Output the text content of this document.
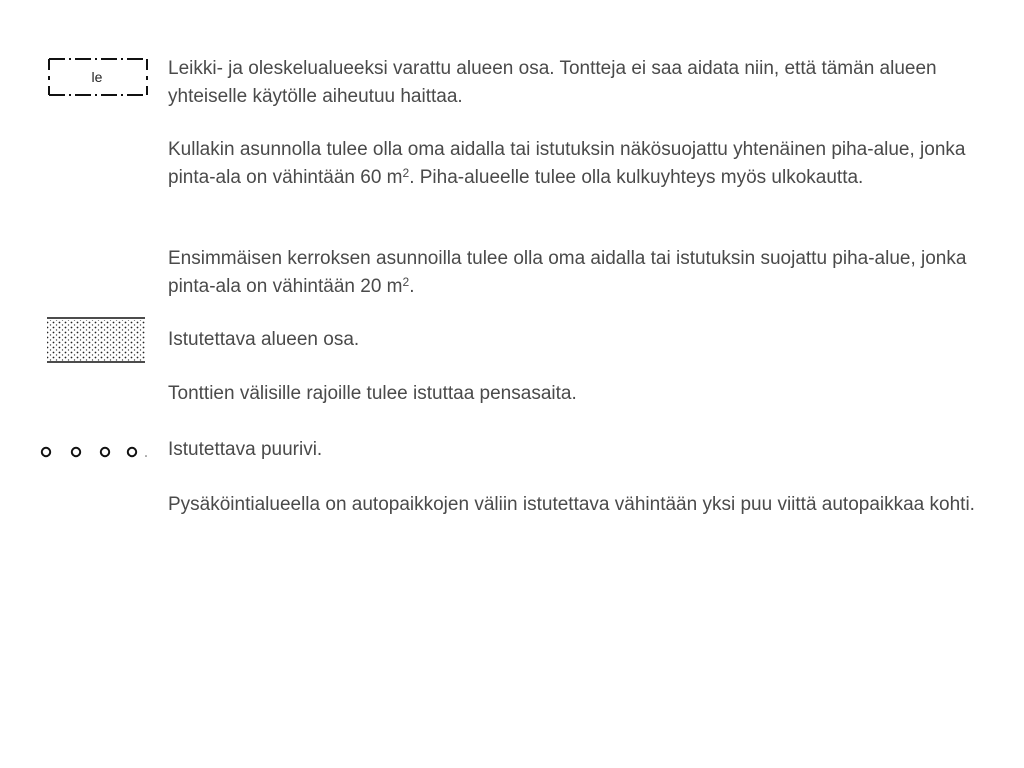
le	Leikki- ja oleskelualueeksi varattu alueen osa. Tontteja ei saa aidata niin, että tämän alueen yhteiselle käytölle aiheutuu haittaa.

Kullakin asunnolla tulee olla oma aidalla tai istutuksin näkösuojattu yhtenäinen piha-alue, jonka pinta-ala on vähintään 60 $m^2$. Piha-alueelle tulee olla kulkuyhteys myös ulkokautta.

Ensimmäisen kerroksen asunnoilla tulee olla oma aidalla tai istutuksin suojattu piha-alue, jonka pinta-ala on vähintään 20 $m^2$.

Istutettava alueen osa.

Tonttien välisille rajoille tulee istuttaa pensasaita.

Istutettava puurivi.

Pysäköintialueella on autopaikkojen väliin istutettava vähintään yksi puu viittä autopaikkaa kohti.
